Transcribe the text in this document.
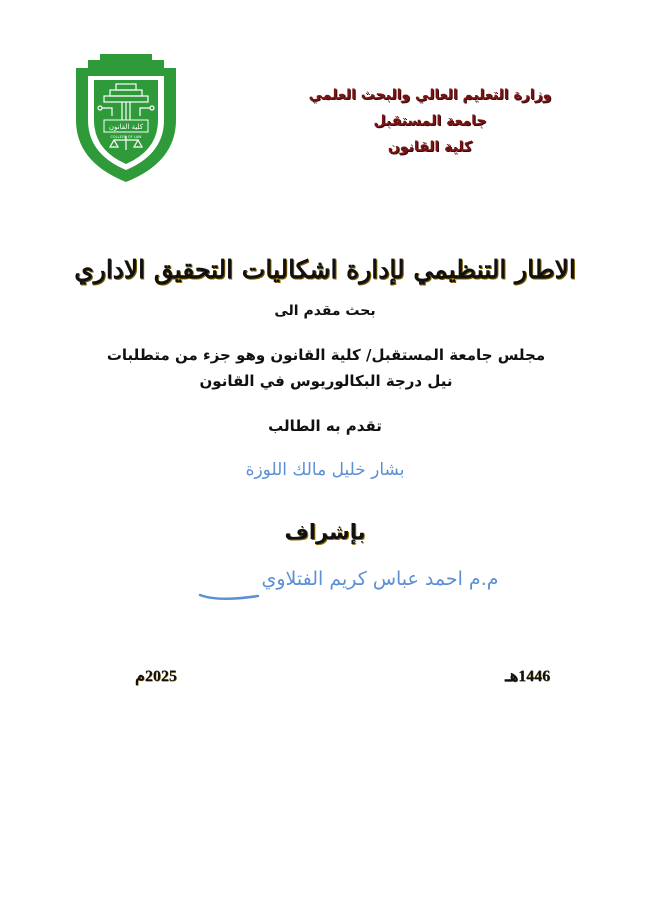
كلية القانون
COLLEGE OF LAW
وزارة التعليم العالي والبحث العلمي
جامعة المستقبل
كلية القانون
الاطار التنظيمي لإدارة اشكاليات التحقيق الاداري
بحث مقدم الى
مجلس جامعة المستقبل/ كلية القانون وهو جزء من متطلبات نيل درجة البكالوريوس في القانون
تقدم به الطالب
بشار خليل مالك اللوزة
بإشراف
م.م احمد عباس كريم الفتلاوي
1446هـ
2025م
